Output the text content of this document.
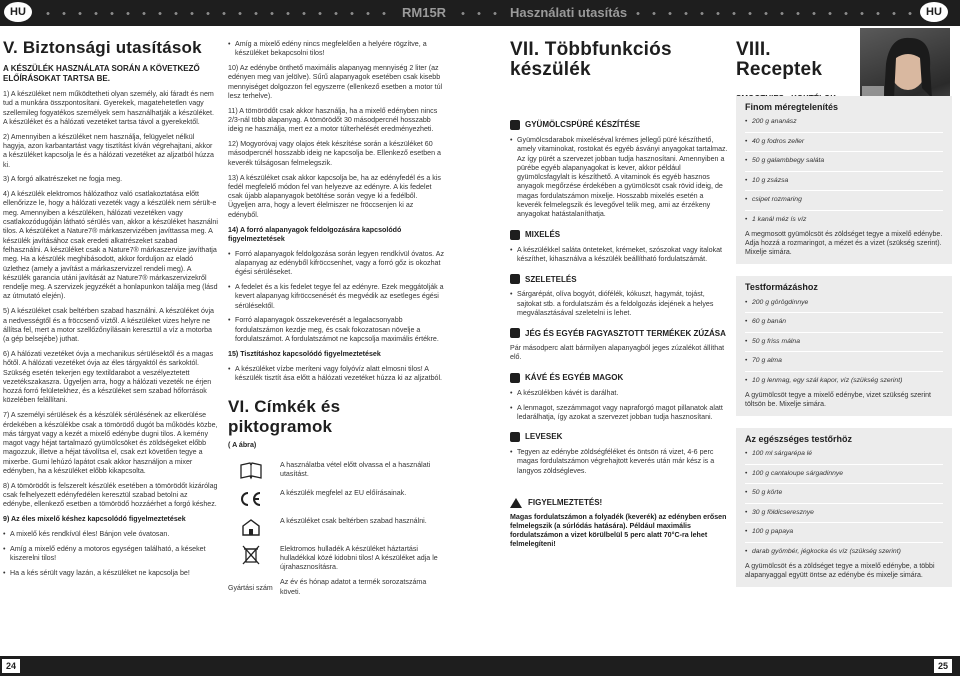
HU	RM15R	Használati utasítás	HU
V. Biztonsági utasítások
A KÉSZÜLÉK HASZNÁLATA SORÁN A KÖVETKEZŐ ELŐÍRÁSOKAT TARTSA BE.

1) A készüléket nem működtetheti olyan személy, aki fáradt és nem tud a munkára összpontosítani. Gyerekek, magatehetetlen vagy szellemileg fogyatékos személyek sem használhatják a készüléket. A készüléket és a hálózati vezetéket tartsa távol a gyerekektől.

2) Amennyiben a készüléket nem használja, felügyelet nélkül hagyja, azon karbantartást vagy tisztítást kíván végrehajtani, akkor a készüléket kapcsolja le és a hálózati vezetéket az aljzatból húzza ki.

3) A forgó alkatrészeket ne fogja meg.

4) A készülék elektromos hálózathoz való csatlakoztatása előtt ellenőrizze le, hogy a hálózati vezeték vagy a készülék nem sérült-e meg. Amennyiben a készüléken, hálózati vezetéken vagy csatlakozódugóján látható sérülés van, akkor a készüléket használni tilos. A készüléket a Nature7® márkaszervizében javíttassa meg. A készülék javításához csak eredeti alkatrészeket szabad felhasználni. A készüléket csak a Nature7® márkaszervize javíthatja meg. Ha a készülék meghibásodott, akkor forduljon az eladó üzlethez (amely a javítást a márkaszervizzel rendeli meg). A készülék garancia utáni javítását az Nature7® márkaszervizekről rendelje meg. A szervizek jegyzékét a honlapunkon találja meg (lásd az útmutató elején).

5) A készüléket csak beltérben szabad használni. A készüléket óvja a nedvességtől és a fröccsenő víztől. A készüléket vizes helyre ne állítsa fel, mert a motor szellőzőnyílásain keresztül a víz a motorba (a gép belsejébe) juthat.

6) A hálózati vezetéket óvja a mechanikus sérülésektől és a magas hőtől. A hálózati vezetéket óvja az éles tárgyaktól és sarkoktól. Szükség esetén tekerjen egy textildarabot a veszélyeztetett vezetékszakaszra. Ügyeljen arra, hogy a hálózati vezeték ne érjen hozzá forró felületekhez, és a készüléket sem szabad hőforrások közelében felállítani.

7) A személyi sérülések és a készülék sérülésének az elkerülése érdekében a készülékbe csak a tömörödő dugót ba működés közbe, más tárgyat vagy a kezét a mixelő edénybe dugni tilos. A kemény magot vagy héjat tartalmazó gyümölcsöket és zöldségeket előbb magozzuk, illetve a héjat távolítsa el, csak ezt követően tegye a mixerbe. Gumi lehúzó lapátot csak akkor használjon a mixer edényben, ha a készüléket előbb kikapcsolta.

8) A tömörödőt is felszerelt készülék esetében a tömörödőt kizárólag csak felhelyezett edényfedélen keresztül szabad betolni az edénybe, ellenkező esetben a tömörödő hozzáérhet a forgó késhez.

9) Az éles mixelő késhez kapcsolódó figyelmeztetések

• A mixelő kés rendkívül éles! Bánjon vele óvatosan.

• Amíg a mixelő edény a motoros egységen található, a késeket kiszerelni tilos!

• Ha a kés sérült vagy lazán, a készüléket ne kapcsolja be!

• Amíg a mixelő edény nincs megfelelően a helyére rögzítve, a készüléket bekapcsolni tilos!

10) Az edénybe önthető maximális alapanyag mennyiség 2 liter (az edényen meg van jelölve). Sűrű alapanyagok esetében csak kisebb mennyiséget dolgozzon fel egyszerre (ellenkező esetben a motor túl lesz terhelve).

11) A tömörödőt csak akkor használja, ha a mixelő edényben nincs 2/3-nál több alapanyag. A tömörödőt 30 másodpercnél hosszabb ideig ne használja, mert ez a motor túlterhelését eredményezheti.

12) Mogyoróvaj vagy olajos étek készítése során a készüléket 60 másodpercnél hosszabb ideig ne kapcsolja be. Ellenkező esetben a keverék túlságosan felmelegszik.

13) A készüléket csak akkor kapcsolja be, ha az edényfedél és a kis fedél megfelelő módon fel van helyezve az edényre. A kis fedelet csak újabb alapanyagok betöltése során vegye ki a fedélből. Ügyeljen arra, hogy a levert élelmiszer ne fröccsenjen ki az edényből.

14) A forró alapanyagok feldolgozására kapcsolódó figyelmeztetések

• Forró alapanyagok feldolgozása során legyen rendkívül óvatos. Az alapanyag az edényből kifröccsenhet, vagy a forró gőz is okozhat égési sérüléseket.

• A fedelet és a kis fedelet tegye fel az edényre. Ezek meggátolják a kevert alapanyag kifröccsenését és megvédik az esetleges égési sérülésektől.

• Forró alapanyagok összekeverését a legalacsonyabb fordulatszámon kezdje meg, és csak fokozatosan növelje a fordulatszámot. A fordulatszámot ne kapcsolja maximális értékre.

15) Tisztításhoz kapcsolódó figyelmeztetések

• A készüléket vízbe meríteni vagy folyóvíz alatt elmosni tilos! A készülék tisztít ása előtt a hálózati vezetéket húzza ki az aljzatból.

VI. Címkék és piktogramok

( A ábra)

A használatba vétel előtt olvassa el a használati utasítást.
A készülék megfelel az EU előírásainak.
A készüléket csak beltérben szabad használni.
Elektromos hulladék A készüléket háztartási hulladékkal közé kidobni tilos! A készüléket adja le újrahasznosításra.
Gyártási szám
Az év és hónap adatot a termék sorozatszáma követi.
VII. Többfunkciós készülék
GYÜMÖLCSPÜRÉ KÉSZÍTÉSE

• Gyümölcsdarabok mixeléséval krémes jellegű püré készíthető, amely vitaminokat, rostokat és egyéb ásványi anyagokat tartalmaz. Az így pürét a szervezet jobban tudja hasznosítani. Amennyiben a pürébe egyéb alapanyagokat is kever, akkor például gyümölcsfagylalt is készíthető. A vitaminok és egyéb hasznos anyagok megőrzése érdekében a gyümölcsöt csak rövid ideig, de magas fordulatszámon mixelje. Hosszabb mixelés esetén a keverék felmelegszik és levegővel telik meg, ami az érzékeny anyagokat hatástalaníthatja.

MIXELÉS

• A készülékkel saláta önteteket, krémeket, szószokat vagy italokat készíthet, kihasználva a készülék beállítható fordulatszámát.

SZELETELÉS

• Sárgarépát, olíva bogyót, diófélék, kókuszt, hagymát, tojást, sajtokat stb. a fordulatszám és a feldolgozás idejének a helyes megválasztásával szeletelni is lehet.

JÉG ÉS EGYÉB FAGYASZTOTT TERMÉKEK ZÚZÁSA

Pár másodperc alatt bármilyen alapanyagból jeges zúzalékot állíthat elő.

KÁVÉ ÉS EGYÉB MAGOK

• A készülékben kávét is darálhat.

• A lenmagot, szezámmagot vagy napraforgó magot pillanatok alatt ledarálhatja, így azokat a szervezet jobban tudja hasznosítani.

LEVESEK

• Tegyen az edénybe zöldségféléket és öntsön rá vizet, 4-6 perc magas fordulatszámon végrehajtott keverés után már kész is a langyos zöldségleves.

FIGYELMEZTETÉS!

Magas fordulatszámon a folyadék (keverék) az edényben erősen felmelegszik (a súrlódás hatására). Például maximális fordulatszámon a vizet körülbelül 5 perc alatt 70°C-ra lehet felmelegíteni!

VIII. Receptek
Finom méregtelenítés
• 200 g ananász
• 40 g fodros zeller
• 50 g galambbegy saláta
• 10 g zsázsa
• csipet rozmaring
• 1 kanál méz ís víz
A megmosott gyümölcsöt és zöldséget tegye a mixelő edénybe. Adja hozzá a rozmaringot, a mézet és a vizet (szükség szerint). Mixelje simára.
Testformázáshoz
• 200 g görögdinnye
• 60 g banán
• 50 g friss málna
• 70 g alma
• 10 g lenmag, egy szál kapor, víz (szükség szerint)
A gyümölcsöt tegye a mixelő edénybe, vizet szükség szerint töltsön be. Mixelje simára.
Az egészséges testőrhöz
• 100 ml sárgarépa lé
• 100 g cantaloupe sárgadinnye
• 50 g körte
• 30 g földicseresznye
• 100 g papaya
• darab gyömbér, jégkocka és víz (szükség szerint)
A gyümölcsöt és a zöldséget tegye a mixelő edénybe, a többi alapanyaggal együtt öntse az edénybe és mixelje simára.
24	25
